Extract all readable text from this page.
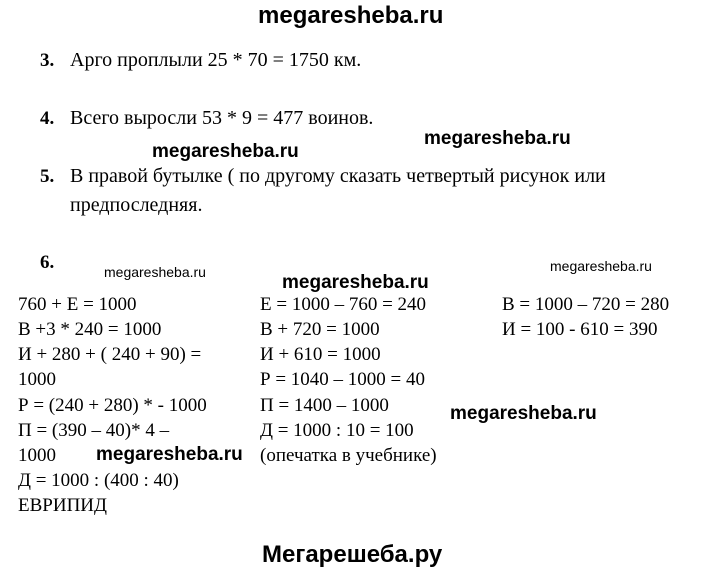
megaresheba.ru
megaresheba.ru
megaresheba.ru
megaresheba.ru
megaresheba.ru	megaresheba.ru
megaresheba.ru
Мегарешеба.ру
3. Арго проплыли 25 * 70 = 1750 км.
4. Всего выросли 53 * 9 = 477 воинов.
5. В правой бутылке ( по другому сказать четвертый рисунок или
предпоследняя.
6.
760 + Е = 1000
В +3 * 240 = 1000
И + 280 + ( 240 + 90) =
1000
Р = (240 + 280) * - 1000
П = (390 – 40)* 4 –
1000
Д = 1000 : (400 : 40)
ЕВРИПИД
megaresheba.ru
Е = 1000 – 760 = 240
В + 720 = 1000
И + 610 = 1000
Р = 1040 – 1000 = 40
П = 1400 – 1000
Д = 1000 : 10 = 100
(опечатка в учебнике)
В = 1000 – 720 = 280
И = 100 - 610 = 390
